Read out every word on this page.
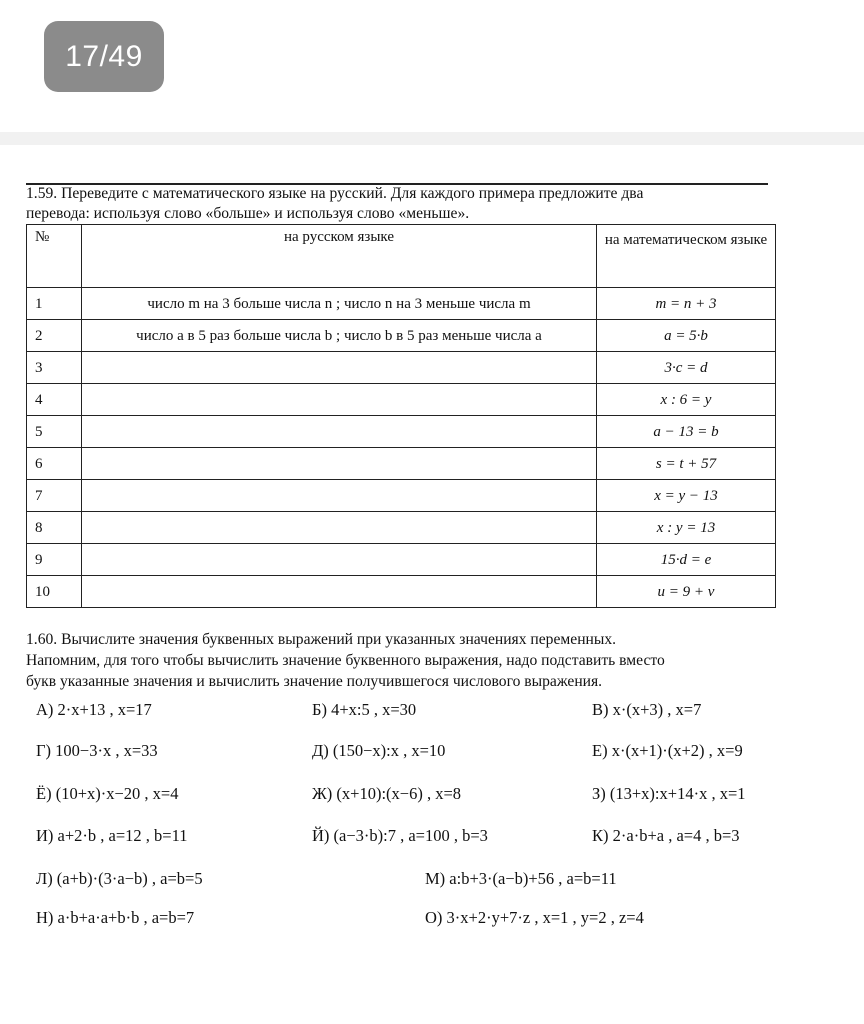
17/49
1.59. Переведите с математического языке на русский. Для каждого примера предложите два
перевода: используя слово «больше» и используя слово «меньше».
№	на русском языке	на математическом языке
1	число m на 3 больше числа n ; число n на 3 меньше числа m	m = n + 3
2	число a в 5 раз больше числа b ; число b в 5 раз меньше числа a	a = 5·b
3		3·c = d
4		x : 6 = y
5		a − 13 = b
6		s = t + 57
7		x = y − 13
8		x : y = 13
9		15·d = e
10		u = 9 + v
1.60. Вычислите значения буквенных выражений при указанных значениях переменных.
Напомним, для того чтобы вычислить значение буквенного выражения, надо подставить вместо
букв указанные значения и вычислить значение получившегося числового выражения.
А) 2·x+13 , x=17	Б) 4+x:5 , x=30	В) x·(x+3) , x=7
Г) 100−3·x , x=33	Д) (150−x):x , x=10	Е) x·(x+1)·(x+2) , x=9
Ё) (10+x)·x−20 , x=4	Ж) (x+10):(x−6) , x=8	З) (13+x):x+14·x , x=1
И) a+2·b , a=12 , b=11	Й) (a−3·b):7 , a=100 , b=3	К) 2·a·b+a , a=4 , b=3
Л) (a+b)·(3·a−b) , a=b=5	М) a:b+3·(a−b)+56 , a=b=11
Н) a·b+a·a+b·b , a=b=7	О) 3·x+2·y+7·z , x=1 , y=2 , z=4
